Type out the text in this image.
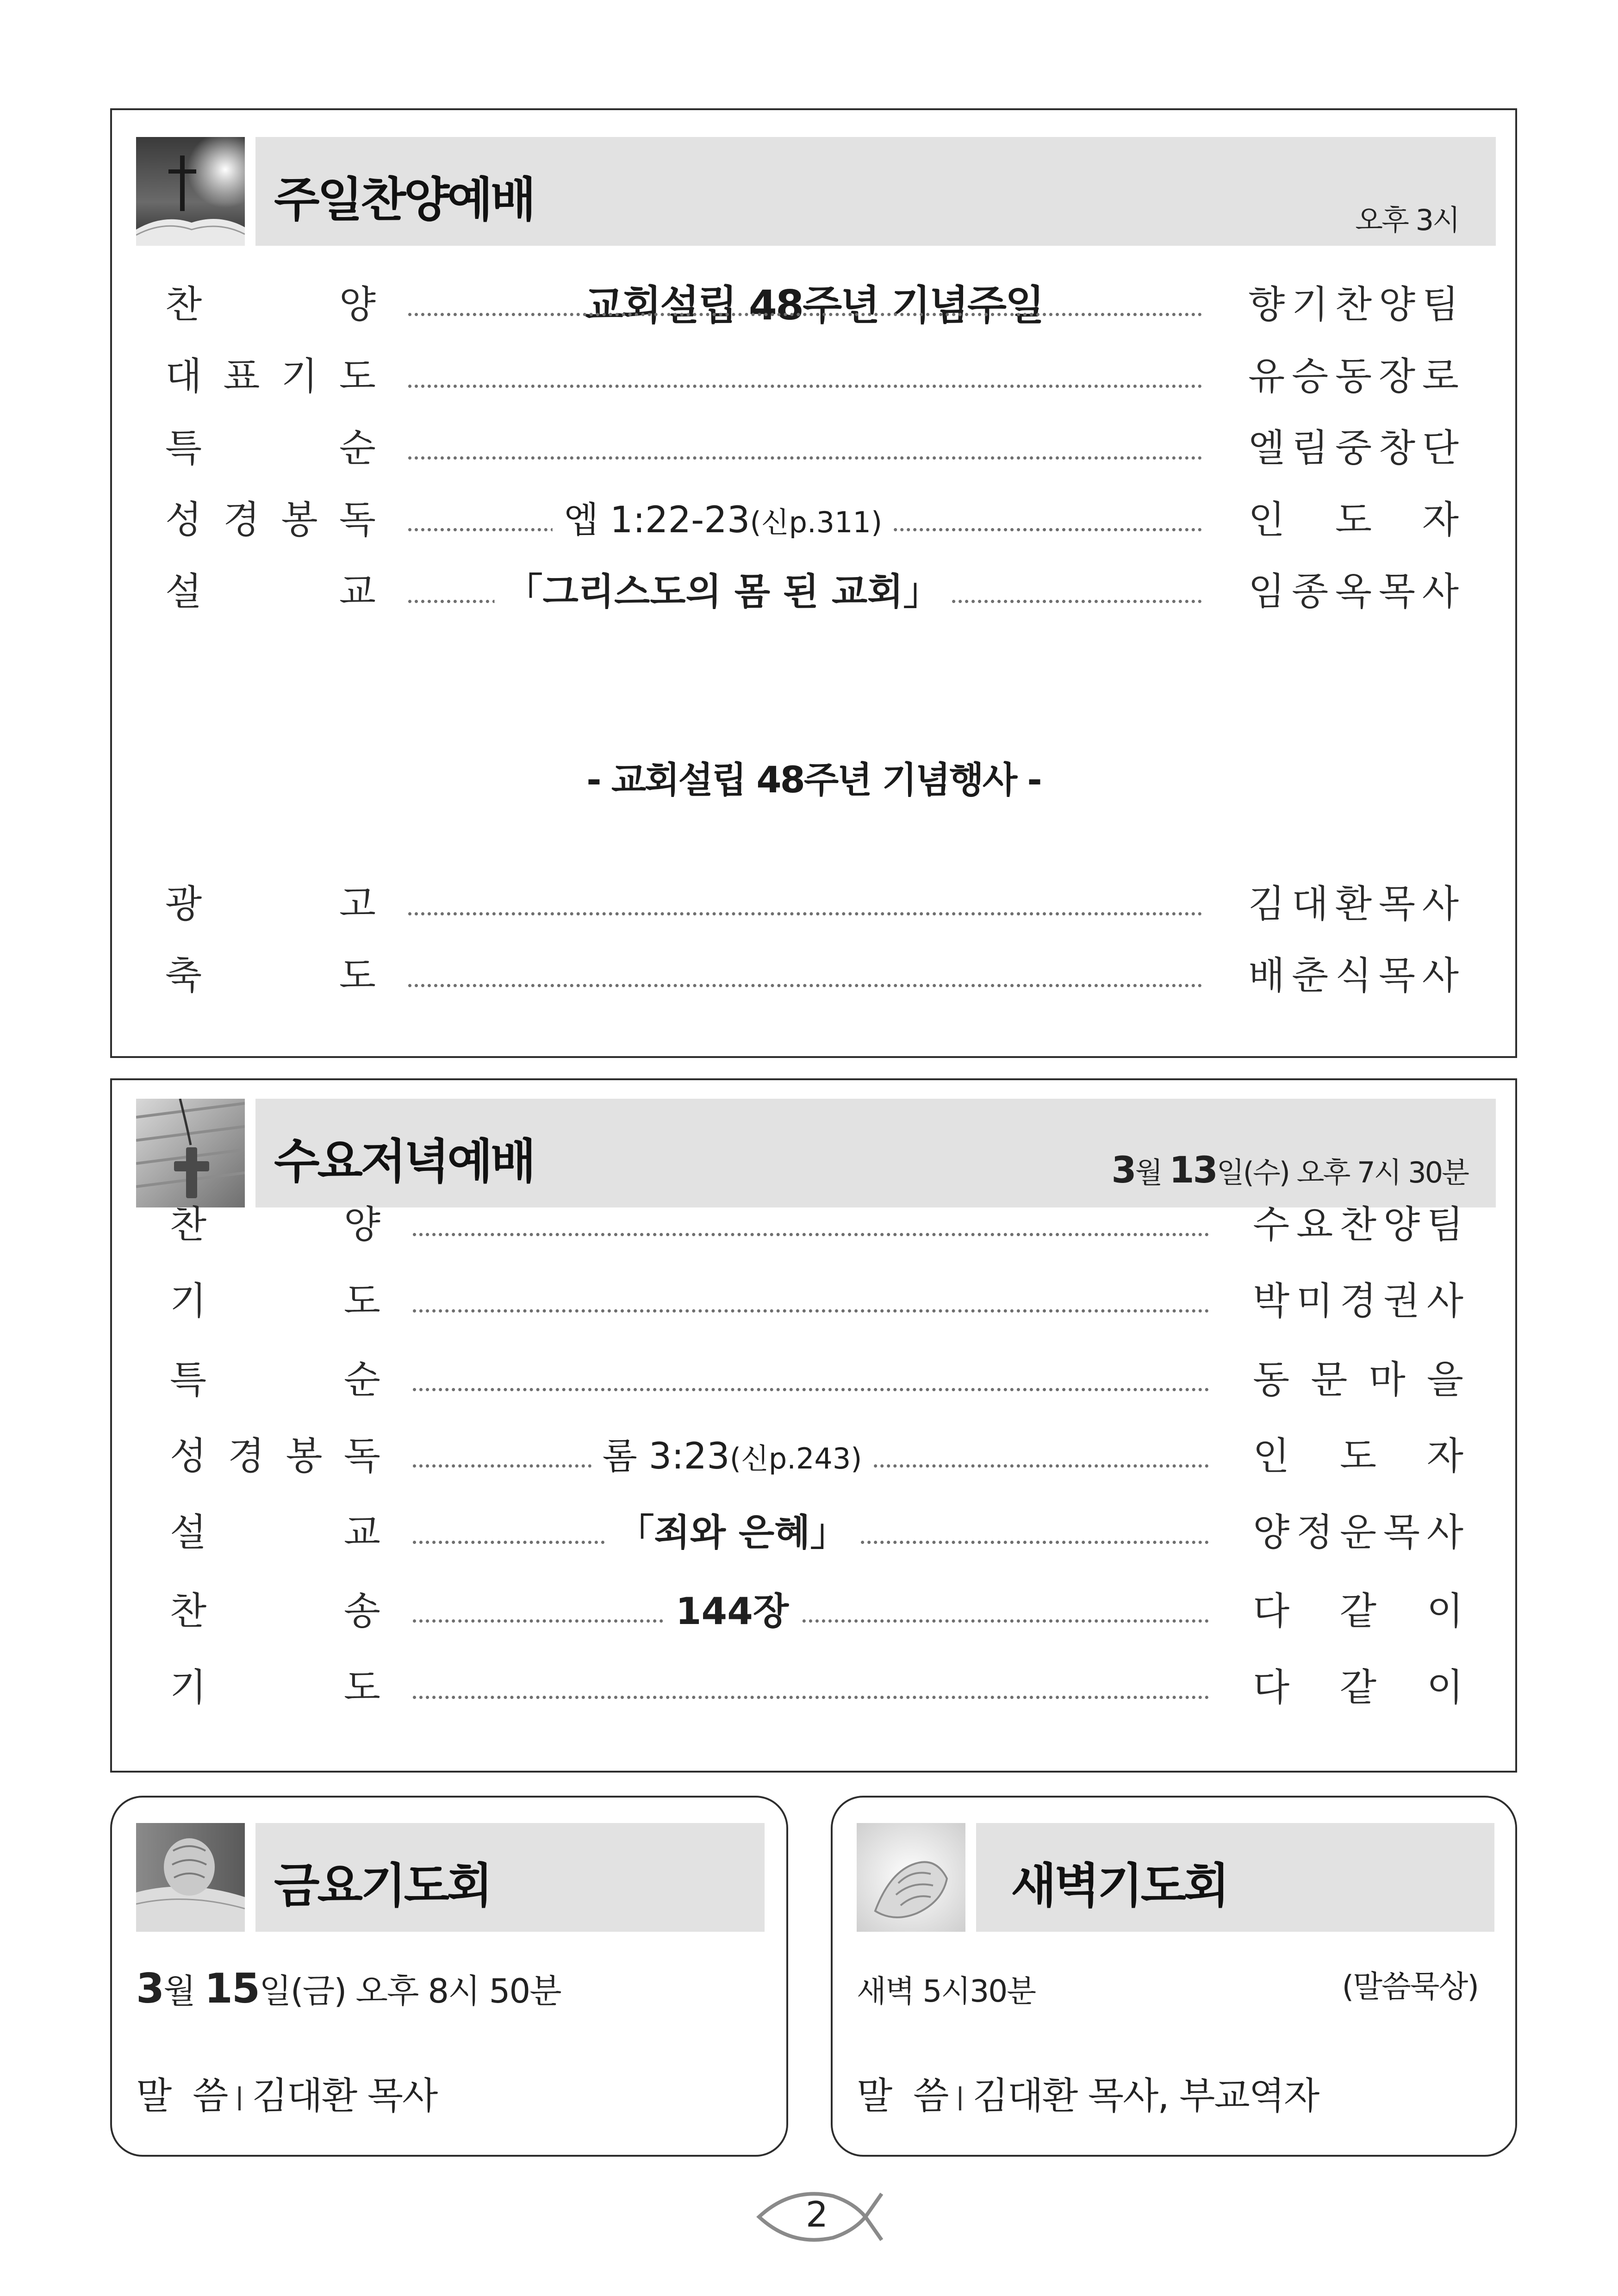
주일찬양예배	오후 3시
교회설립 48주년 기념주일
- 교회설립 48주년 기념행사 -
찬	양	향 기 찬 양 팀
대 표 기 도	유 승 동 장 로
특	순	엘 림 중 창 단
성 경 봉 독	엡 1:22-23(신p.311)	인 도 자
설	교	「그리스도의 몸 된 교회」	임 종 옥 목 사
광	고	김 대 환 목 사
축	도	배 춘 식 목 사
수요저녁예배	3월 13일(수) 오후 7시 30분
찬	양	수 요 찬 양 팀
기	도	박 미 경 권 사
특	순	동 문 마 을
성 경 봉 독	롬 3:23(신p.243)	인 도 자
설	교	「죄와 은혜」	양 정 운 목 사
찬	송	144장	다 같 이
기	도	다 같 이
금요기도회
3월 15일(금) 오후 8시 50분
말  씀 김대환 목사
새벽기도회
새벽 5시30분	(말씀묵상)
말  씀 김대환 목사, 부교역자
2
